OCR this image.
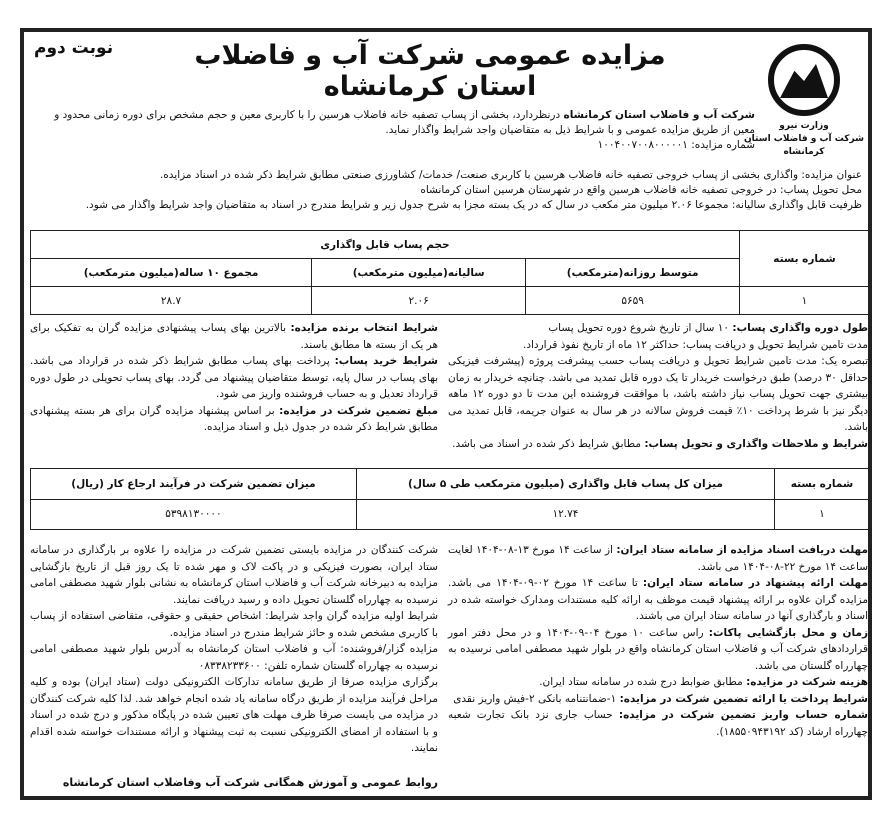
نوبت دوم	مزایده عمومی شرکت آب و فاضلاب استان کرمانشاه
وزارت نیرو
شرکت آب و فاضلاب استان کرمانشاه
شرکت آب و فاضلاب استان کرمانشاه درنظردارد، بخشی از پساب تصفیه خانه فاضلاب هرسین را با کاربری معین و حجم مشخص برای دوره زمانی محدود و معین از طریق مزایده عمومی و با شرایط ذیل به متقاضیان واجد شرایط واگذار نماید.
شماره مزایده: ۱۰۰۴۰۰۷۰۰۸۰۰۰۰۰۱
عنوان مزایده: واگذاری بخشی از پساب خروجی تصفیه خانه فاضلاب هرسین با کاربری صنعت/ خدمات/ کشاورزی صنعتی مطابق شرایط ذکر شده در اسناد مزایده.
محل تحویل پساب: در خروجی تصفیه خانه فاضلاب هرسین واقع در شهرستان هرسین استان کرمانشاه
ظرفیت قابل واگذاری سالیانه: مجموعا ۲.۰۶ میلیون متر مکعب در سال که در یک بسته مجزا به شرح جدول زیر و شرایط مندرج در اسناد به متقاضیان واجد شرایط واگذار می شود.
شماره بسته	حجم پساب قابل واگذاری		
	متوسط روزانه(مترمکعب)	سالیانه(میلیون مترمکعب)	مجموع ۱۰ ساله(میلیون مترمکعب)
۱	۵۶۵۹	۲.۰۶	۲۸.۷

طول دوره واگذاری پساب: ۱۰ سال از تاریخ شروع دوره تحویل پساب

مدت تامین شرایط تحویل و دریافت پساب: حداکثر ۱۲ ماه از تاریخ نفوذ قرارداد.

تبصره یک: مدت تامین شرایط تحویل و دریافت پساب حسب پیشرفت پروژه (پیشرفت فیزیکی حداقل ۳۰ درصد) طبق درخواست خریدار تا یک دوره قابل تمدید می باشد. چنانچه خریدار به زمان بیشتری جهت تحویل پساب نیاز داشته باشد، با موافقت فروشنده این مدت تا دو دوره ۱۲ ماهه دیگر نیز با شرط پرداخت ۱۰٪ قیمت فروش سالانه در هر سال به عنوان جریمه، قابل تمدید می باشد.

شرایط و ملاحظات واگذاری و تحویل پساب: مطابق شرایط ذکر شده در اسناد می باشد.

شرایط انتخاب برنده مزایده: بالاترین بهای پساب پیشنهادی مزایده گران به تفکیک برای هر یک از بسته ها مطابق باسند.

شرایط خرید پساب: پرداخت بهای پساب مطابق شرایط ذکر شده در قرارداد می باشد. بهای پساب در سال پایه، توسط متقاضیان پیشنهاد می گردد. بهای پساب تحویلی در طول دوره قرارداد تعدیل و به حساب فروشنده واریز می شود.

مبلغ تضمین شرکت در مزایده: بر اساس پیشنهاد مزایده گران برای هر بسته پیشنهادی مطابق شرایط ذکر شده در جدول ذیل و اسناد مزایده.

شماره بسته	میزان کل پساب قابل واگذاری (میلیون مترمکعب طی ۵ سال)	میزان تضمین شرکت در فرآیند ارجاع کار (ریال)
۱	۱۲.۷۴	۵۳۹۸۱۳۰۰۰۰

مهلت دریافت اسناد مزایده از سامانه ستاد ایران: از ساعت ۱۴ مورخ ۱۳-۰۸-۱۴۰۴ لغایت ساعت ۱۴ مورخ ۲۲-۰۸-۱۴۰۴ می باشد.

مهلت ارائه پیشنهاد در سامانه ستاد ایران: تا ساعت ۱۴ مورخ ۰۲-۰۹-۱۴۰۴ می باشد. مزایده گران علاوه بر ارائه پیشنهاد قیمت موظف به ارائه کلیه مستندات ومدارک خواسته شده در اسناد و بارگذاری آنها در سامانه ستاد ایران می باشند.

زمان و محل بازگشایی پاکات: راس ساعت ۱۰ مورخ ۰۴-۰۹-۱۴۰۴ و در محل دفتر امور قراردادهای شرکت آب و فاضلاب استان کرمانشاه واقع در بلوار شهید مصطفی امامی نرسیده به چهارراه گلستان می باشد.

هزینه شرکت در مزایده: مطابق ضوابط درج شده در سامانه ستاد ایران.

شرایط پرداخت یا ارائه تضمین شرکت در مزایده: ۱-ضمانتنامه بانکی ۲-فیش واریز نقدی

شماره حساب واریز تضمین شرکت در مزایده: حساب جاری نزد بانک تجارت شعبه چهارراه ارشاد (کد ۱۸۵۵۰۹۴۳۱۹۲).

شرکت کنندگان در مزایده بایستی تضمین شرکت در مزایده را علاوه بر بارگذاری در سامانه ستاد ایران، بصورت فیزیکی و در پاکت لاک و مهر شده تا یک روز قبل از تاریخ بازگشایی مزایده به دبیرخانه شرکت آب و فاضلاب استان کرمانشاه به نشانی بلوار شهید مصطفی امامی نرسیده به چهارراه گلستان تحویل داده و رسید دریافت نمایند.

شرایط اولیه مزایده گران واجد شرایط: اشخاص حقیقی و حقوقی، متقاضی استفاده از پساب با کاربری مشخص شده و حائز شرایط مندرج در اسناد مزایده.

مزایده گزار/فروشنده: آب و فاضلاب استان کرمانشاه به آدرس بلوار شهید مصطفی امامی نرسیده به چهارراه گلستان شماره تلفن: ۰۸۳۳۸۲۳۳۶۰۰

برگزاری مزایده صرفا از طریق سامانه تدارکات الکترونیکی دولت (ستاد ایران) بوده و کلیه مراحل فرآیند مزایده از طریق درگاه سامانه یاد شده انجام خواهد شد. لذا کلیه شرکت کنندگان در مزایده می بایست صرفا ظرف مهلت های تعیین شده در پایگاه مذکور و درج شده در اسناد و با استفاده از امضای الکترونیکی نسبت به ثبت پیشنهاد و ارائه مستندات خواسته شده اقدام نمایند.

روابط عمومی و آموزش همگانی شرکت آب وفاضلاب استان کرمانشاه
